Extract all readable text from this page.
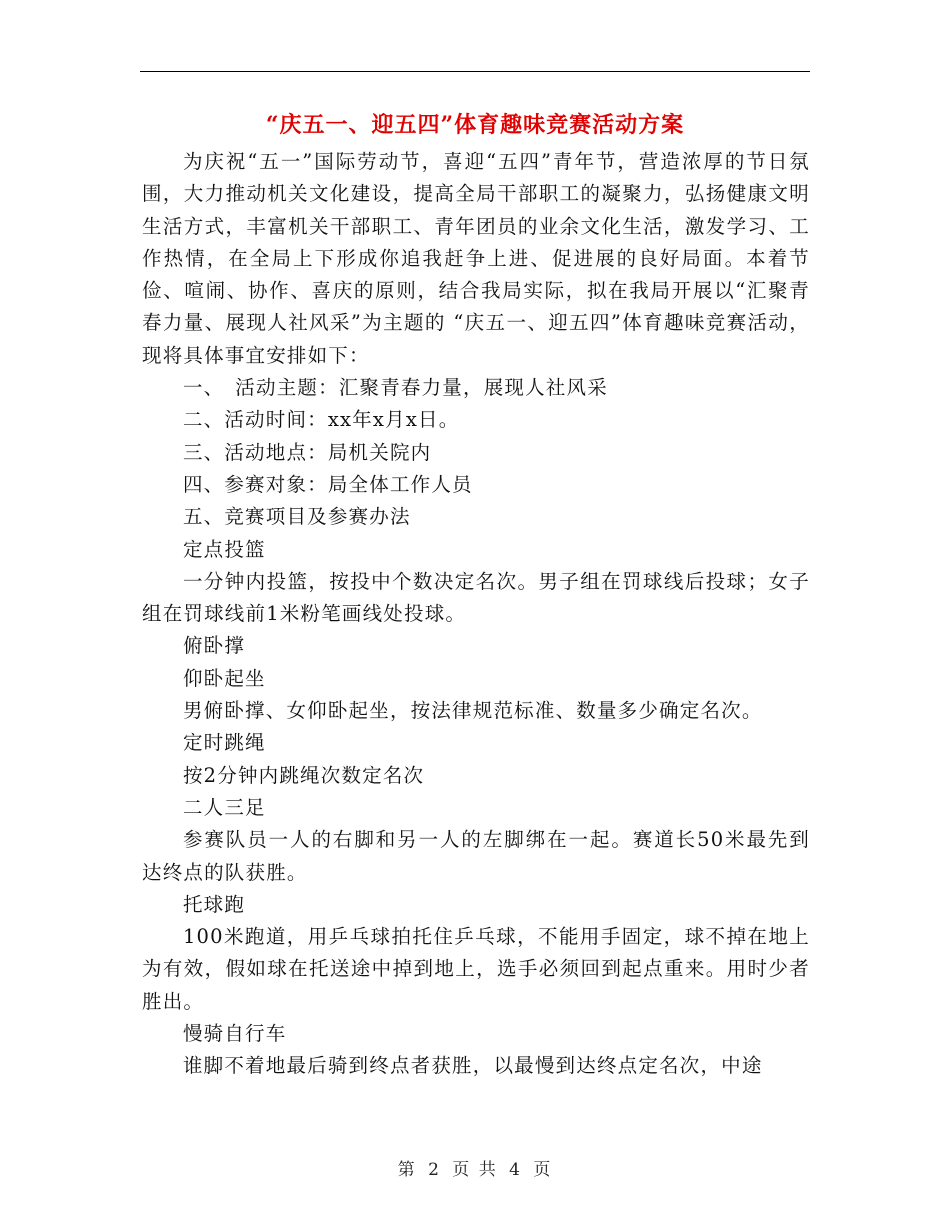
“庆五一、迎五四”体育趣味竞赛活动方案

为庆祝“五一”国际劳动节，喜迎“五四”青年节，营造浓厚的节日氛围，大力推动机关文化建设，提高全局干部职工的凝聚力，弘扬健康文明生活方式，丰富机关干部职工、青年团员的业余文化生活，激发学习、工作热情，在全局上下形成你追我赶争上进、促进展的良好局面。本着节俭、喧闹、协作、喜庆的原则，结合我局实际，拟在我局开展以“汇聚青春力量、展现人社风采”为主题的 “庆五一、迎五四”体育趣味竞赛活动，现将具体事宜安排如下：

一、　活动主题：汇聚青春力量，展现人社风采

二、活动时间：xx年x月x日。

三、活动地点：局机关院内

四、参赛对象：局全体工作人员

五、竞赛项目及参赛办法

定点投篮

一分钟内投篮，按投中个数决定名次。男子组在罚球线后投球；女子组在罚球线前1米粉笔画线处投球。

俯卧撑

仰卧起坐

男俯卧撑、女仰卧起坐，按法律规范标准、数量多少确定名次。

定时跳绳

按2分钟内跳绳次数定名次

二人三足

参赛队员一人的右脚和另一人的左脚绑在一起。赛道长50米最先到达终点的队获胜。

托球跑

100米跑道，用乒乓球拍托住乒乓球，不能用手固定，球不掉在地上为有效，假如球在托送途中掉到地上，选手必须回到起点重来。用时少者胜出。

慢骑自行车

谁脚不着地最后骑到终点者获胜，以最慢到达终点定名次，中途

第 2 页 共 4 页
